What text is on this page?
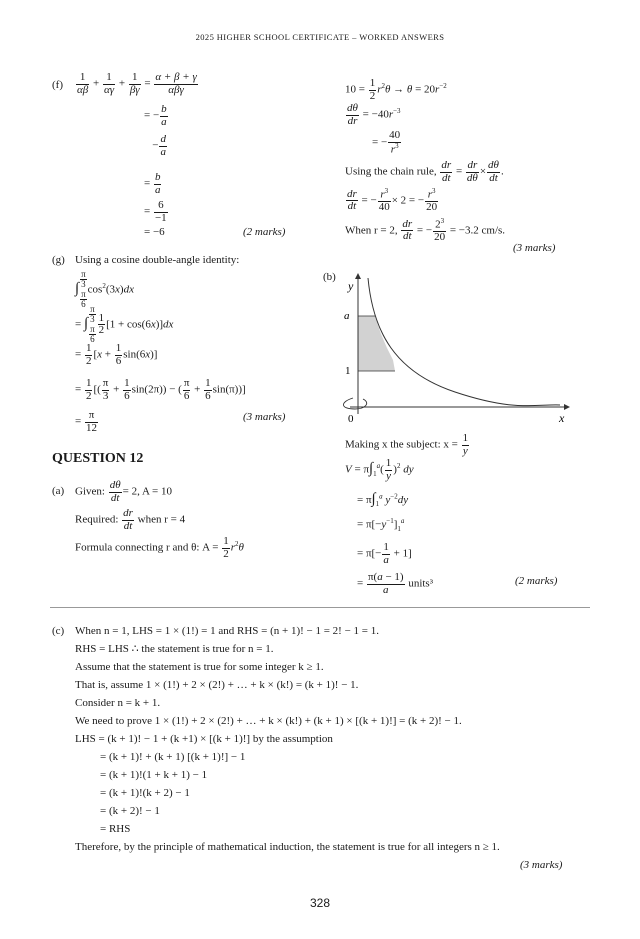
2025 HIGHER SCHOOL CERTIFICATE – WORKED ANSWERS
$(f) \frac{1}{\alpha\beta} + \frac{1}{\alpha\gamma} + \frac{1}{\beta\gamma} = \frac{\alpha + \beta + \gamma}{\text{αβγ}}$
= − $\frac{b}{a}$
− $\frac{d}{a}$
= $\frac{b}{a}$
= $\frac{6}{-1}$
= −6	(2 marks)
$10 = \frac{1}{2} r^2\theta \to \theta = 20r^{-2}$
$\frac{d\theta}{dr} = -40r^{-3}$
= − $\frac{40}{r^3}$
Using the chain rule, $\frac{dr}{dt} = \frac{dr}{d\theta} \times \frac{d\theta}{dt}$ .
$\frac{dr}{dt}$ = − $\frac{r^3}{40} \times 2$ = − $\frac{r^3}{20}$
When r = 2, $\frac{dr}{dt}$ = − $\frac{2^3}{20} = -3.2$ cm/s.
(3 marks)
(g) Using a cosine double-angle identity:
∫ $\frac{\pi}{3}$

$\frac{\pi}{6}$
$\cos^2(3x)dx$
= ∫ $\frac{\pi}{3}$

$\frac{\pi}{6} \frac{1}{2} [1 + \cos(6x)]dx$
= $\frac{1}{2} [x + \frac{1}{6} \sin(6x)]$
= $\frac{1}{2}$ [( $\frac{\pi}{3} + \frac{1}{6} \sin(2\pi)$) − ( $\frac{\pi}{6} + \frac{1}{6} \sin(\pi)$)]
= $\frac{\pi}{12}$	(3 marks)
(b)
y
a
1
0	x
Making x the subject: $x = \frac{1}{y}$
$V = \pi\int_1^a( \frac{1}{y} )^2$ dy
= $\pi\int_1^a$ $y^{-2}dy$
= $\pi[-y^{-1}]_1^a$
= $\pi[- \frac{1}{a} + 1]$
= $\frac{\pi(a - 1)}{a}$ units³	(2 marks)
QUESTION 12
(a) Given: $\frac{d\theta}{dt} = 2$, A = 10
Required: $\frac{dr}{dt}$ when r = 4
Formula connecting r and θ: $A = \frac{1}{2} r^2\theta$
(c) When n = 1, LHS = 1 × (1!) = 1 and RHS = (n + 1)! − 1 = 2! − 1 = 1.
RHS = LHS ∴ the statement is true for n = 1.
Assume that the statement is true for some integer k ≥ 1.
That is, assume 1 × (1!) + 2 × (2!) + … + k × (k!) = (k + 1)! − 1.
Consider n = k + 1.
We need to prove 1 × (1!) + 2 × (2!) + … + k × (k!) + (k + 1) × [(k + 1)!] = (k + 2)! − 1.
LHS = (k + 1)! − 1 + (k +1) × [(k + 1)!] by the assumption
= (k + 1)! + (k + 1) [(k + 1)!] − 1
= (k + 1)!(1 + k + 1) − 1
= (k + 1)!(k + 2) − 1
= (k + 2)! − 1
= RHS
Therefore, by the principle of mathematical induction, the statement is true for all integers n ≥ 1.
(3 marks)
328
